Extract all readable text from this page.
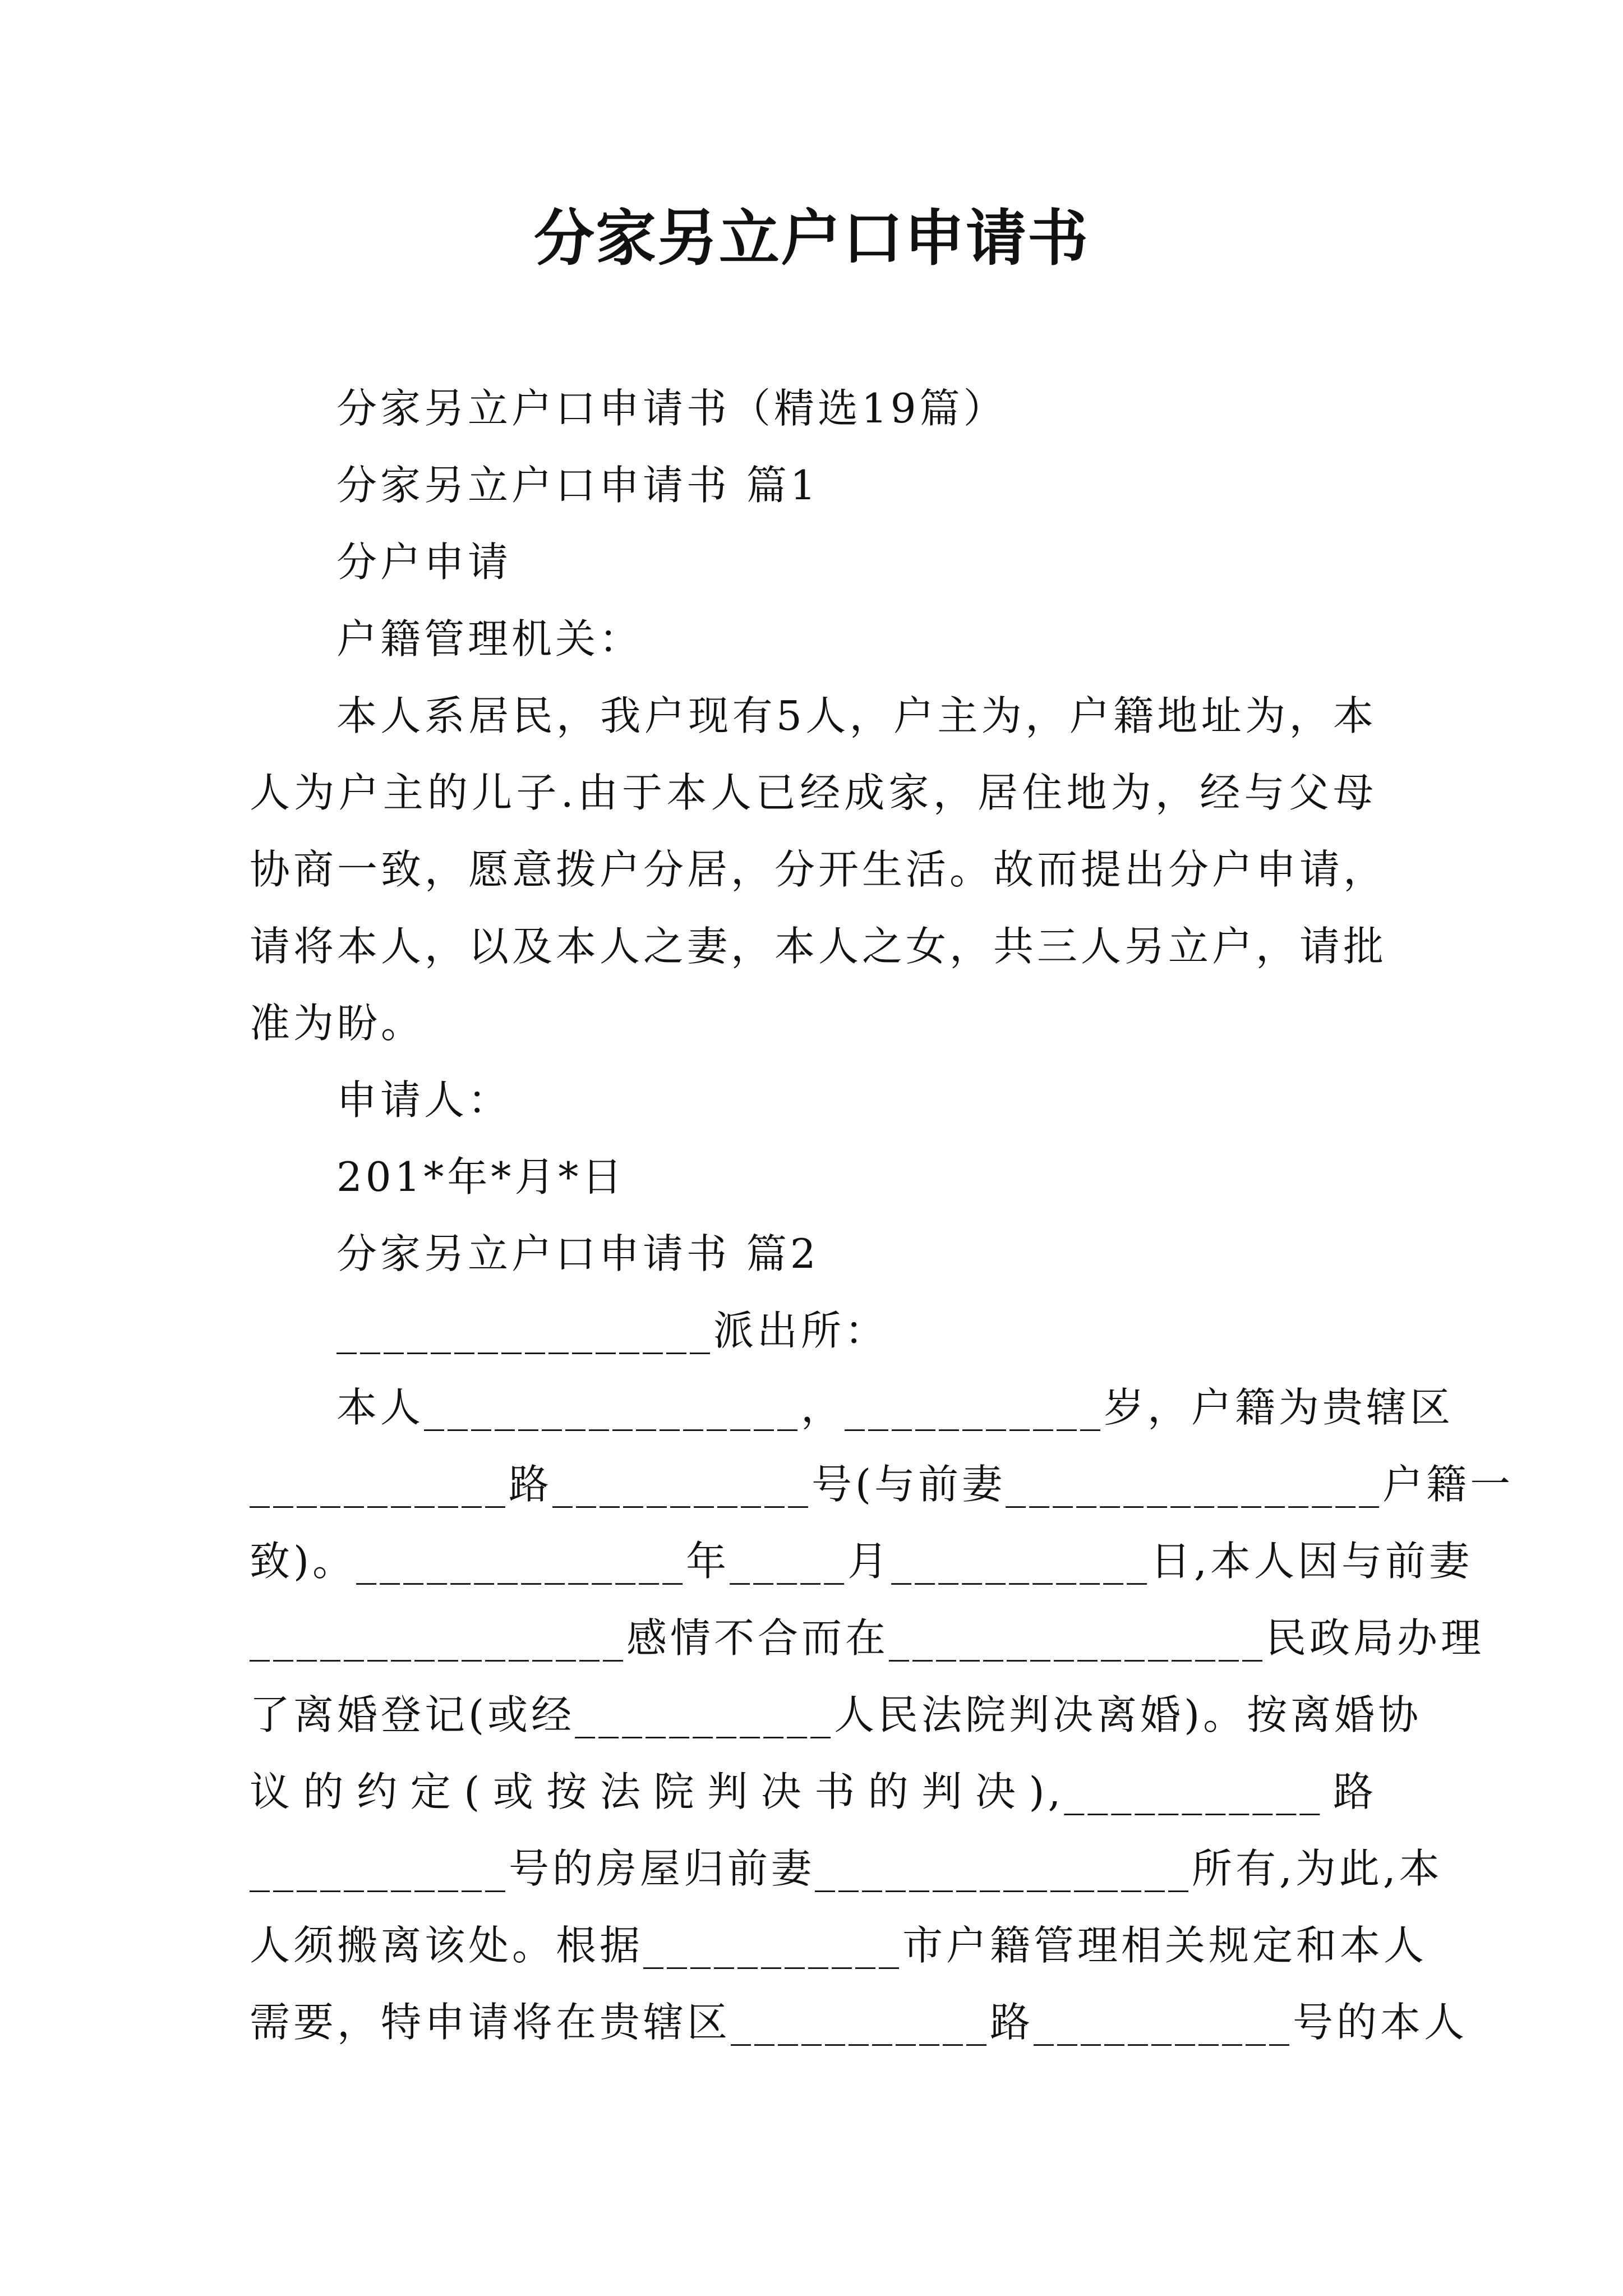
分家另立户口申请书
分家另立户口申请书（精选19篇）
分家另立户口申请书 篇1
分户申请
户籍管理机关：
本人系居民，我户现有5人，户主为，户籍地址为，本
人为户主的儿子.由于本人已经成家，居住地为，经与父母
协商一致，愿意拨户分居，分开生活。故而提出分户申请，
请将本人，以及本人之妻，本人之女，共三人另立户，请批
准为盼。
申请人：
201*年*月*日
分家另立户口申请书 篇2
________________派出所：
本人________________，___________岁，户籍为贵辖区
___________路___________号(与前妻________________户籍一
致)。______________年_____月___________日,本人因与前妻
________________感情不合而在________________民政局办理
了离婚登记(或经___________人民法院判决离婚)。按离婚协
议的约定(或按法院判决书的判决),___________路
___________号的房屋归前妻________________所有,为此,本
人须搬离该处。根据___________市户籍管理相关规定和本人
需要，特申请将在贵辖区___________路___________号的本人
